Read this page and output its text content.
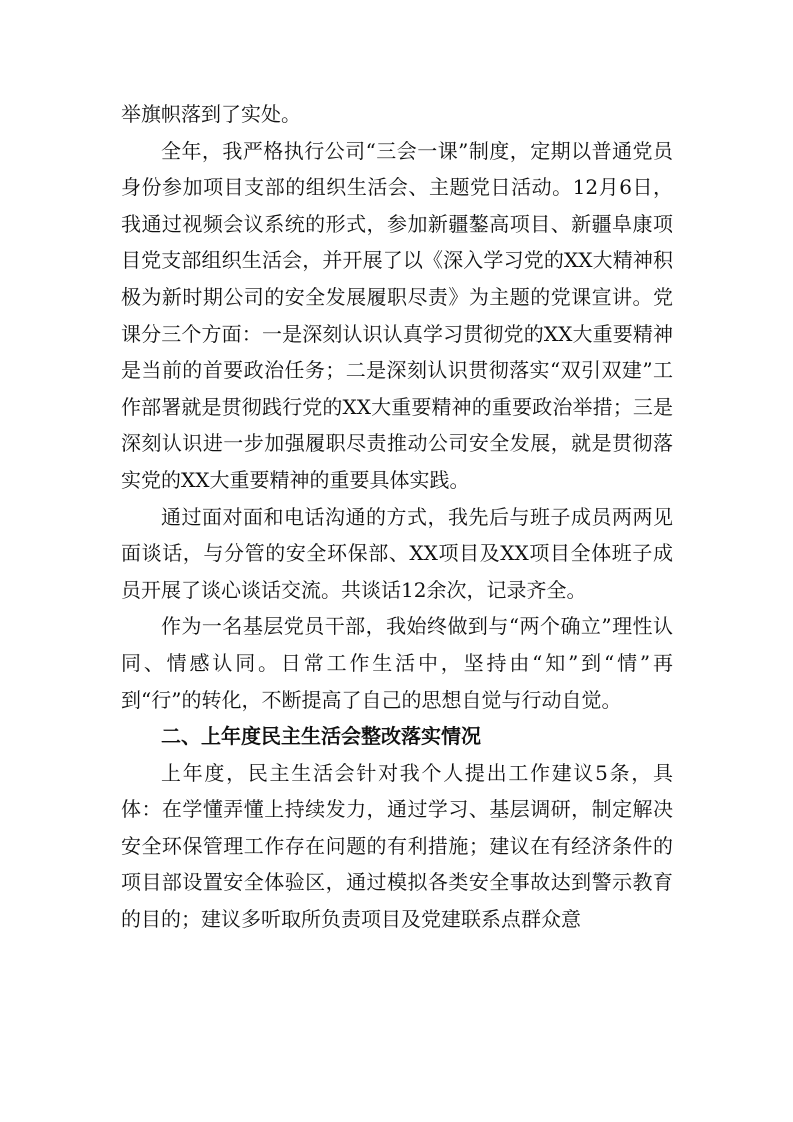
举旗帜落到了实处。

全年，我严格执行公司“三会一课”制度，定期以普通党员身份参加项目支部的组织生活会、主题党日活动。12月6日，我通过视频会议系统的形式，参加新疆鏊高项目、新疆阜康项目党支部组织生活会，并开展了以《深入学习党的XX大精神积极为新时期公司的安全发展履职尽责》为主题的党课宣讲。党课分三个方面：一是深刻认识认真学习贯彻党的XX大重要精神是当前的首要政治任务；二是深刻认识贯彻落实“双引双建”工作部署就是贯彻践行党的XX大重要精神的重要政治举措；三是深刻认识进一步加强履职尽责推动公司安全发展，就是贯彻落实党的XX大重要精神的重要具体实践。

通过面对面和电话沟通的方式，我先后与班子成员两两见面谈话，与分管的安全环保部、XX项目及XX项目全体班子成员开展了谈心谈话交流。共谈话12余次，记录齐全。

作为一名基层党员干部，我始终做到与“两个确立”理性认同、情感认同。日常工作生活中，坚持由“知”到“情”再到“行”的转化，不断提高了自己的思想自觉与行动自觉。

二、上年度民主生活会整改落实情况

上年度，民主生活会针对我个人提出工作建议5条，具体：在学懂弄懂上持续发力，通过学习、基层调研，制定解决安全环保管理工作存在问题的有利措施；建议在有经济条件的项目部设置安全体验区，通过模拟各类安全事故达到警示教育的目的；建议多听取所负责项目及党建联系点群众意
